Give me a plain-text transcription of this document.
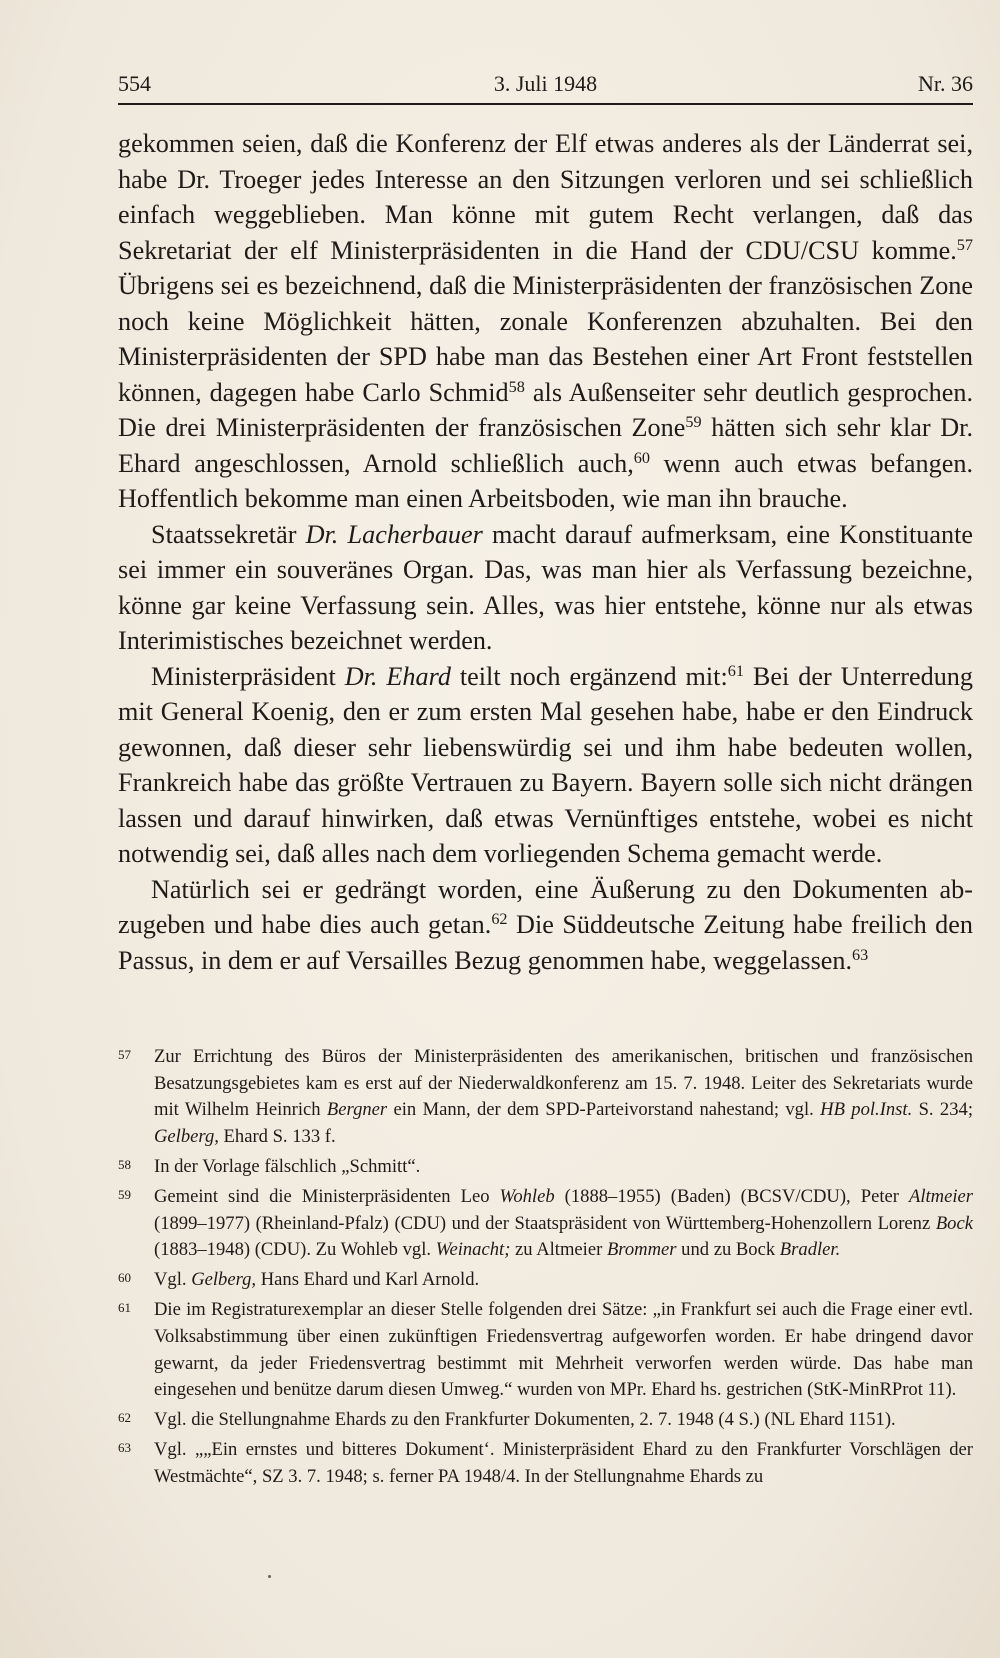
554	3. Juli 1948	Nr. 36

gekommen seien, daß die Konferenz der Elf etwas anderes als der Länderrat sei, habe Dr. Troeger jedes Interesse an den Sitzungen verloren und sei schließlich einfach weggeblieben. Man könne mit gutem Recht verlangen, daß das Sekretariat der elf Ministerpräsidenten in die Hand der CDU/CSU komme.$^{57}$ Übrigens sei es bezeichnend, daß die Ministerpräsidenten der französischen Zone noch keine Möglichkeit hätten, zonale Konferenzen abzuhalten. Bei den Ministerpräsidenten der SPD habe man das Bestehen einer Art Front feststellen können, dagegen habe Carlo Schmid$^{58}$ als Außenseiter sehr deutlich gesprochen. Die drei Ministerpräsidenten der französischen Zone$^{59}$ hätten sich sehr klar Dr. Ehard angeschlossen, Arnold schließlich auch,$^{60}$ wenn auch etwas befangen. Hoffentlich bekomme man einen Arbeitsboden, wie man ihn brauche.

Staatssekretär Dr. Lacherbauer macht darauf aufmerksam, eine Konstituante sei immer ein souveränes Organ. Das, was man hier als Verfassung bezeichne, könne gar keine Verfassung sein. Alles, was hier entstehe, könne nur als etwas Interimistisches bezeichnet werden.

Ministerpräsident Dr. Ehard teilt noch ergänzend mit:$^{61}$ Bei der Unterredung mit General Koenig, den er zum ersten Mal gesehen habe, habe er den Eindruck gewonnen, daß dieser sehr liebenswürdig sei und ihm habe bedeuten wollen, Frankreich habe das größte Vertrauen zu Bayern. Bayern solle sich nicht drängen lassen und darauf hinwirken, daß etwas Vernünftiges entstehe, wobei es nicht notwendig sei, daß alles nach dem vorliegenden Schema gemacht werde.

Natürlich sei er gedrängt worden, eine Äußerung zu den Dokumenten abzugeben und habe dies auch getan.$^{62}$ Die Süddeutsche Zeitung habe freilich den Passus, in dem er auf Versailles Bezug genommen habe, weggelassen.$^{63}$

57 Zur Errichtung des Büros der Ministerpräsidenten des amerikanischen, britischen und französischen Besatzungsgebietes kam es erst auf der Niederwaldkonferenz am 15. 7. 1948. Leiter des Sekretariats wurde mit Wilhelm Heinrich Bergner ein Mann, der dem SPD-Parteivorstand nahestand; vgl. HB pol.Inst. S. 234; Gelberg, Ehard S. 133 f.
58 In der Vorlage fälschlich „Schmitt“.
59 Gemeint sind die Ministerpräsidenten Leo Wohleb (1888–1955) (Baden) (BCSV/CDU), Peter Altmeier (1899–1977) (Rheinland-Pfalz) (CDU) und der Staatspräsident von Württemberg-Hohenzollern Lorenz Bock (1883–1948) (CDU). Zu Wohleb vgl. Weinacht; zu Altmeier Brommer und zu Bock Bradler.
60 Vgl. Gelberg, Hans Ehard und Karl Arnold.
61 Die im Registraturexemplar an dieser Stelle folgenden drei Sätze: „in Frankfurt sei auch die Frage einer evtl. Volksabstimmung über einen zukünftigen Friedensvertrag aufgeworfen worden. Er habe dringend davor gewarnt, da jeder Friedensvertrag bestimmt mit Mehrheit verworfen werden würde. Das habe man eingesehen und benütze darum diesen Umweg.“ wurden von MPr. Ehard hs. gestrichen (StK-MinRProt 11).
62 Vgl. die Stellungnahme Ehards zu den Frankfurter Dokumenten, 2. 7. 1948 (4 S.) (NL Ehard 1151).
63 Vgl. „„Ein ernstes und bitteres Dokument‘. Ministerpräsident Ehard zu den Frankfurter Vorschlägen der Westmächte“, SZ 3. 7. 1948; s. ferner PA 1948/4. In der Stellungnahme Ehards zu
